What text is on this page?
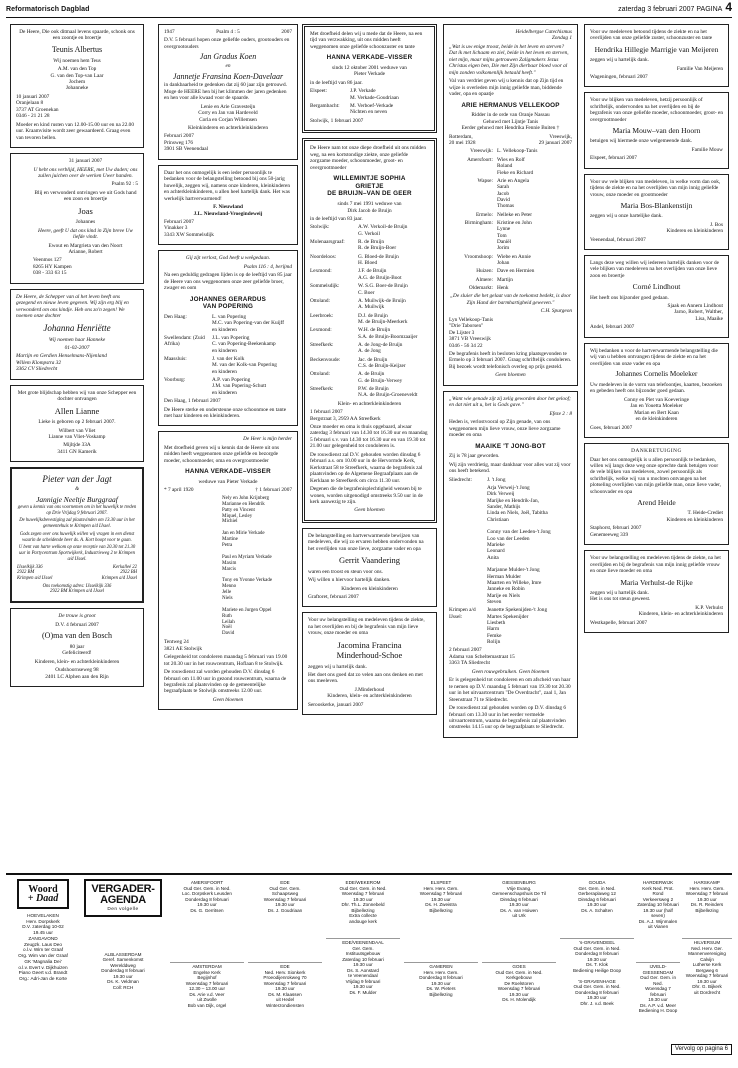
Reformatorisch Dagblad	zaterdag 3 februari 2007 PAGINA 4
De Heere, Die ook ditmaal levens spaarde, schonk ons een zoontje en broertje
Teunis Albertus
Wij noemen hem Teus
A.M. van den Top
G. van den Top-van Laar
Jochem
Johanneke
10 januari 2007
Oranjelaan 8
3737 AT Groenekan
0346 - 21 21 28
Moeder en kind rusten van 12.00-15.00 uur en na 22.00 uur. Kraamvisite wordt zeer gewaardeerd. Graag even van tevoren bellen.
31 januari 2007
U hebt ons verblijd, HEERE, met Uw daden; ons zullen juichen over de werken Uwer handen.
Psalm 92 : 5
Blij en verwonderd ontvingen we uit Gods hand een zoon en broertje
Joas
Johannes
Heere, geeft U dat ons kind in Zijn breve Uw liefde vindt.
Ewout en Margrieta van den Noort
Arianne, Robert
Veenmos 127
8265 HY Kampen
038 - 333 63 15
De Heere, de Schepper van al het leven heeft ons gezegend en nieuw leven gegeven. Wij zijn erg blij en verwonderd om ons kindje. Heb ons zo'n zegen! We noemen onze dochter
Johanna Henriëtte
Wij noemen haar Hanneke
01-02-2007
Martijn en Gerdien Henselmans-Nijenland
Willem Klompstra 32
3362 CV Sliedrecht
Met grote blijdschap hebben wij van onze Schepper een dochter ontvangen
Allen Lianne
Lieke is geboren op 2 februari 2007.
Wilbert van Vliet
Lianne van Vliet-Voskamp
Mijltjde 33A
3411 GN Kamerik
Pieter van der Jagt
&
Jannigje Neeltje Burggraaf
geven u kennis van ons voornemen om in het huwelijk te treden op Drie Vrijdag 9 februari 2007.
De huwelijksbevestiging zal plaatsvinden om 13.30 uur in het gemeentehuis te Krimpen a/d IJssel.
Gods zegen over ons huwelijk willen wij vragen in een dienst waarin de scheidende heer ds. A. Kort hoopt voor te gaan.
U bent van harte welkom op onze receptie van 20.30 tot 21.30 uur in Partycentrum Sportwijkerk, Industrieweg 2 te Krimpen a/d IJssel.
IJsselkijk 336
2922 BM
Krimpen a/d IJssel
Kerkalleé 22
2922 BH
Krimpen a/d IJssel
Ons toekomstig adres: IJsselkijk 336
2922 BM Krimpen a/d IJssel
De trouw is groot
D.V. 4 februari 2007
(O)ma van den Bosch
80 jaar
Gefeliciteerd!
Kinderen, klein- en achterkleinkinderen
Oudshoornseweg 98
2401 LC Alphen aan den Rijn
1947	Psalm 4 : 5	2007
D.V. 5 februari hopen onze geliefde ouders, grootouders en overgrootouders
Jan Gradus Koen
en
Jannetje Fransina Koen-Davelaar
in dankbaarheid te gedenken dat zij 60 jaar zijn getrouwd. Moge de HEERE hen bij het klimmen der jaren gedenken en hen voor alle kwaad voor de spaarde.
Lenie en Arie Gravesteijn
Corry en Jan van Hardeveld
Corla en Corjan Willemsen
Kleinkinderen en achterkleinkinderen
Februari 2007
Prinsweg 176
3901 SB Veenendaal
Daar het ons onmogelijk is een ieder persoonlijk te bedanken voor de belangstelling betoond bij ons 50-jarig huwelijk, zeggen wij, namens onze kinderen, kleinkinderen en achterkleinkinderen, u allen heel hartelijk dank. Het was werkelijk hartverwarmend!
F. Nieuwland
J.L. Nieuwland-Vroegindeweij
Februari 2007
Vinakker 3
3343 XW Sommelsdijk
Gij zijt verlost, God heeft u weêgedaan.
Psalm 116 : 4, berijmd
Na een geduldig gedragen lijden is op de leeftijd van 85 jaar de Heere van ons weggenomen onze zeer geliefde broer, zwager en oom
JOHANNES GERARDUS
VAN POPERING
Den Haag:	L. van Popering
M.C. van Popering-van der Kuijff
en kinderen
Swellendam: (Zuid Afrika)
J.L. van Popering
C. van Popering-Beekenkamp
en kinderen
Maassluis:	J. van der Kolk
M. van der Kolk-van Popering
en kinderen
Voorburg:	A.P. van Popering
J.M. van Popering-Schutt
en kinderen
Den Haag, 1 februari 2007
De Heere sterke en ondersteune onze schoonmoe en tante met haar kinderen en kleinkinderen.
De Heer is mijn herder
Met droefheid geven wij u kennis dat de Heere uit ons midden heeft weggenomen onze geliefde en bezorgde moeder, schoonmoeder, oma en overgrootmoeder
HANNA VERKADE–VISSER
weduwe van Pieter Verkade
* 7 april 1920	† 1 februari 2007
Nely en John Krijnberg
Marianne en Hendrik
Patty en Vincent
Miquel, Lesley
Michiel

Jan en Mirie Verkade
Martine
Petra

Paul en Myriam Verkade
Maxim
Marcis

Tony en Yvonne Verkade
Menno
Jelle
Niels

Mariete en Jurgen Oppel
Ruth
Leilah
Noël
David
Tentweg 24
3821 AE Stolwijk
Gelegenheid tot condoleren maandag 5 februari van 19.00 tot 20.30 uur in het rouwcentrum, Hoflaan 8 te Stolwijk.
De rouwdienst zal worden gehouden D.V. dinsdag 6 februari om 11.00 uur in gezond rouwcentrum, waarna de begrafenis zal plaatsvinden op de gemeentelijke begraafplaats te Stolwijk omstreeks 12.00 uur.
Geen bloemen
Met droefheid delen wij u mede dat de Heere, na een tijd van verzwakking, uit ons midden heeft weggenomen onze geliefde schoonzuster en tante
HANNA VERKADE–VISSER
sinds 12 oktober 2001 weduwe van
Pieter Verkade
in de leeftijd van 86 jaar.
Elspeet:	J.P. Verkade
M. Verkade-Goudriaan
Bergambacht:	M. Verboef-Verkade
Nichten en neven
Stolwijk, 1 februari 2007
De Heere nam tot onze diepe droefheid uit ons midden weg, na een kortstondige ziekte, onze geliefde zorgzame moeder, schoonmoeder, groot- en overgrootmoeder
WILLEMINTJE SOPHIA
GRIETJE
DE BRUIJN–VAN DE GEER
sinds 7 mei 1991 weduwe van
Dirk Jacob de Bruijn
in de leeftijd van 83 jaar.
Stolwijk:	A.W. Verkoil-de Bruijn
G. Verkoil
Molenaarsgraaf:	R. de Bruijn
R. de Bruijn-Boer
Noordeloos:	G. Bloed-de Bruijn
H. Bloed
Lexmond:	J.F. de Bruijn
A.G. de Bruijn-Boot
Sommelsdijk:	W. S.G. Boer-de Bruijn
C. Boer
Ottoland:	A. Muilwijk-de Bruijn
A. Muilwijk
Leerbroek:	D.J. de Bruijn
M. de Bruijn-Meerkerk
Lexmond:	W.H. de Bruijn
S.A. de Bruijn-Boomzaaijer
Streefkerk:	A. de Jong-de Bruijn
A. de Jong
Beckenvoude:	Jac. de Bruijn
C.S. de Bruijn-Keijzer
Ottoland:	A. de Bruijn
G. de Bruijn-Verwey
Streefkerk:	P.W. de Bruijn
N.A. de Bruijn-Groeneveldt
Klein- en achterkleinkinderen
1 februari 2007
Bergstraat 3, 2959 AA Streefkerk
Onze moeder en oma is thuis opgebaard, alwaar zaterdag 3 februari van 14.30 tot 16.30 uur en maandag 5 februari s.v. van 14.30 tot 16.30 uur en van 19.30 tot 21.00 uur gelegenheid tot condoleren is.
De rouwdienst zal D.V. gehouden worden dinsdag 6 februari a.s. om 10.00 uur in de Hervormde Kerk, Kerkstraat 58 te Streefkerk, waarna de begrafenis zal plaatsvinden op de Algemene Begraafplaats aan de Kerklaan te Streefkerk om circa 11.30 uur.
Degenen die de begrafenisplechtigheid wensen bij te wonen, worden uitgenodigd omstreeks 9.50 uur in de kerk aanwezig te zijn.
Geen bloemen
De belangstelling en hartverwarmende bewijzen van medeleven, die wij zo ervaren hebben ondervonden na het overlijden van onze lieve, zorgzame vader en opa
Gerrit Vaandering
waren een troost en steun voor ons.
Wij willen u hiervoor hartelijk danken.
Kinderen en kleinkinderen
Graftoret, februari 2007
Voor uw belangstelling en medeleven tijdens de ziekte, na het overlijden en bij de begrafenis van mijn lieve vrouw, onze moeder en oma
Jacomina Francina
Minderhoud-Schoe
zeggen wij u hartelijk dank.
Het doet ons goed dat zo velen aan ons denken en met ons meeleven.
J.Minderhoud
Kinderen, klein- en achterkleinkinderen
Serooskerke, januari 2007
Heidelbergse Catechismus
Zondag 1
„Wat is uw enige troost, beide in het leven en sterven? Dat ik met lichaam en ziel, beide in het leven en sterven, niet mijn, maar mijns getrouwen Zaligmakers Jezus Christus eigen ben, Die met Zijn dierbaar bloed voor al mijn zonden volkomenlijk betaald heeft."
Val van verdriet geven wij u kennis dat op Zijn tijd en wijze is overleden mijn innig geliefde man, biddende vader, opa en opaatje
ARIE HERMANUS VELLEKOOP
Ridder in de orde van Oranje Nassau
Gehuwd met Lijntje Tanis
Eerder gehuwd met Hendrika Fennie Buiten †
Rotterdam,
20 mei 1928
Vreeswijk,
29 januari 2007
Vreeswijk: L. Vellekoop-Tanis
Amersfoort: Wies en Rolf
Roland
Fieke en Richard
Wapse: Arie en Angela
Sarah
Jacob
David
Thomas
Ermelo: Nelleke en Peter
Birmingham: Kristine en John
Lynne
Tom
Daniël
Jorim
Vroomshoop: Wiebe en Annie
Johan
Huizen: Dave en Hermien
Almere: Martijn
Oldemarkt: Henk
„De sluier die het gelaat van de toekomst bedekt, is door Zijn Hand der barmhartigheid geweven."
C.H. Spurgeon
Lyn Vellekoop-Tanis
"Drie Taborsen"
De Lijster 3
3871 VB Vreeswijk
0346 - 56 34 22
De begrafenis heeft in besloten kring plaatsgevonden te Ermelo op 3 februari 2007. Graag schriftelijk condoleren. Bij bezoek wordt telefonisch overleg op prijs gesteld.
Geen bloemen
„Want wie genade zijt zij zelig geworden door het geloof; en dat niet uit u, het is Gods gave."
Efeze 2 : 8
Heden is, verlostvooral op Zijn genade, van ons weggenomen mijn lieve vrouw, onze lieve zorgzame moeder en oma
MAAIKE 'T JONG-BOT
Zij is 78 jaar geworden.
Wij zijn verdrietig, maar dankbaar voor alles wat zij voor ons heeft betekend.
Sliedrecht:	J. 't Jong
Arja Verweij-'t Jong
Dirk Verweij
Marijke en Hendrik-Jan,
Sander, Mathijs
Linda en Niels, Joël, Tabitha
Christiaan

Conny van der Leeden-'t Jong
Loo van der Leeden
Marieke
Leonard
Anita

Marjanne Mulder-'t Jong
Herman Mulder
Maarten en Willeke, Imre
Janneke en Robin
Marije en Niels
Steven
Krimpen a/d IJssel:
Jeanette Spekenijden-'t Jong
Martes Spekenijder
Liesbeth
Harm
Femke
Rolijn
2 februari 2007
Adama van Scheltemastraat 15
3363 TA Sliedrecht
Geen rouwgebruiken. Geen bloemen
Er is gelegenheid tot condoleren en om afscheid van haar te nemen op D.V. maandag 5 februari van 19.30 tot 20.30 uur in het uitvaartcentrum "De Overdracht", zaal 1, Jan Steenstraat 71 te Sliedrecht.
De rouwdienst zal gehouden worden op D.V. dinsdag 6 februari om 13.30 uur in het eerder vermelde uitvaartcentrum, waarna de begrafenis zal plaatsvinden omstreeks 14.15 uur op de begraafplaats te Sliedrecht.
Voor uw medeleven betoond tijdens de ziekte en na het overlijden van onze geliefde zuster, schoonzuster en tante
Hendrika Hillegje Marrigje van Meijeren
zeggen wij u hartelijk dank.
Familie Van Meijeren
Wageningen, februari 2007
Voor uw blijken van medeleven, hetzij persoonlijk of schriftelijk, ondervonden na het overlijden en bij de begrafenis van onze geliefde moeder, schoonmoeder, groot- en overgrootmoeder
Maria Mouw–van den Hoorn
betuigen wij hiermede onze welgemeende dank.
Familie Mouw
Elspeet, februari 2007
Voor uw vele blijken van medeleven, in welke vorm dan ook, tijdens de ziekte en na het overlijden van mijn innig geliefde vrouw, onze moeder en grootmoeder
Maria Bos-Blankenstijn
zeggen wij u onze hartelijke dank.
J. Bos
Kinderen en kleinkinderen
Veenendaal, februari 2007
Langs deze weg willen wij iedereen hartelijk danken voor de vele blijken van medeleven na het overlijden van onze lieve zoon en broertje
Corné Lindhout
Het heeft ons bijzonder goed gedaan.
Sjaak en Annem Lindhout
Jarno, Robert, Walther,
Lisa, Maaike
Andel, februari 2007
Wij bedanken u voor de hartverwarmende belangstelling die wij van u hebben ontvangen tijdens de ziekte en na het overlijden van onze vader en opa
Johannes Cornelis Moeleker
Uw medeleven in de vorm van telefoontjes, kaarten, bezoeken en gebeden heeft ons bijzonder goed gedaan.
Conny en Piet van Koeveringe
Jan en Youetta Moeleker
Marian en Bert Kaan
en de kleinkinderen
Goes, februari 2007
DANKBETUIGING
Daar het ons onmogelijk is u allen persoonlijk te bedanken, willen wij langs deze weg onze oprechte dank betuigen voor de vele blijken van medeleven, zowel persoonlijk als schriftelijk, welke wij van u mochten ontvangen na het plotseling overlijden van mijn geliefde man, onze lieve vader, schoonvader en opa
Arend Heide
T. Heide-Crediet
Kinderen en kleinkinderen
Staphorst, februari 2007
Genemeeweg 339
Voor uw belangstelling en medeleven tijdens de ziekte, na het overlijden en bij de begrafenis van mijn innig geliefde vrouw en onze lieve moeder en oma
Maria Verhulst-de Rijke
zeggen wij u hartelijk dank.
Het is ons tot steun geweest.
K.P. Verhulst
Kinderen, klein- en achterkleinkinderen
Westkapelle, februari 2007
Woord
+ Daad
HOEVELAKEN
Herv. Dorpskerk
D.V. zaterdag 10-02
19.45 uur
ZANGAVOND
Zeugzk. Laus Deo
o.l.v. Wim ter Graaf
Org. Wim van der Graaf
GK 'Magnalia Dei'
o.l.v. Evert v. Dijkhuizen
Piano Geert v.d. Brandt
Org.: Adri-Jan de Korte
VERGADER-AGENDA
Den volgelle
ALBLASSERDAM
Geref. Samenkomst
Werelddweg
Donderdag 8 februari
19.30 uur
Ds. K. Veldman
Coll: RCH
AMERSFOORT
Oud Ger. Gem. in Ned.
Loc. Dorpskerk Leusden
Donderdag 8 februari
19.30 uur
Ds. G. Gerritsen
AMSTERDAM
Engelse Kerk
Begijnhof
Woensdag 7 februari
12.30 – 13.00 uur
Ds. Arie v.d. Veer
uit Zwolle
Bob van Dijk, orgel
EDE
Oud Ger. Gem.
Schaapsweg
Woensdag 7 februari
19.30 uur
Ds. J. Goudriaan
EDE
Ned. Herv. Sionkerk
Proeodijenrokweg 70
Woensdag 7 februari
19.30 uur
Ds. M. Klaassen
uit Hedel
Winterzondiensten
EDE/WEKEROM
Oud Ger. Gem. in Ned.
Woensdag 7 februari
19.30 uur
Dhr. Th.L. Zonnebeld
Bijbellezing
Extra collecte
andouge kerk
EDE/VEENENDAAL
Ger. Gem.
Instituutsgebouw
Zaterdag 10 februari
19.30 uur
Ds. S. Aonstard
te Veenendaal
Vrijdag 9 februari
19.30 uur
Ds. F. Mulder
ELSPEET
Herv. Herv. Gem.
Woensdag 7 februari
19.30 uur
Ds. H. Zweistra
Bijbellezing
GAMEREN
Herv. Herv. Gem.
Donderdag 8 februari
19.30 uur
Ds. W. Pieters
Bijbellezing
GIESSENBURG
Vrije Evang.
Gemeenschapshuis De Til
Dinsdag 6 februari
19.30 uur
Ds. A. van Hoiwen
uit Urk
GOES
Oud Ger. Gem. in Ned.
Kerkgebouw
De Roelstoren
Woensdag 7 februari
19.30 uur
Ds. H. Molendijk
GOUDA
Ger. Gem. in Ned.
Gerberaplaweg 12
Dinsdag 6 februari
19.30 uur
Ds. A. Schalten
's-GRAVENDEEL
Oud Ger. Gem. in Ned.
Donderdag 8 februari
19.30 uur
Ds. T. Klok
Bediening Heilige Doop

'S-GRAVENHAGE
Oud Ger. Gem. in Ned.
Donderdag 8 februari
19.30 uur
Dhr. J. v.d. Beek
HARDERWIJK
Kerk Ned. Prot. Rond
Verkeersweg 2
Zaterdag 10 februari
19.30 uur (half seven)
Ds. A.J. Wijnmalen
uit Vianen
IJVELD-GIESSENDAM
Oud Ger. Gem. in Ned.
Woensdag 7 februari
19.30 uur
Ds. A.P. v.d. Meer
Bediening H. Doop
HARSKAMP
Herv. Herv. Gem.
Woensdag 7 februari
19.30 uur
Ds. R. Reinders
Bijbellezing
HILVERSUM
Ned. Herv. Ger.
Mannenvereniging Calvijn
Lutherse Kerk
Bergweg 6
Woensdag 7 februari
19.30 uur
Dhr. G. Bijkerk
uit Dordrecht
Vervolg op pagina 6
